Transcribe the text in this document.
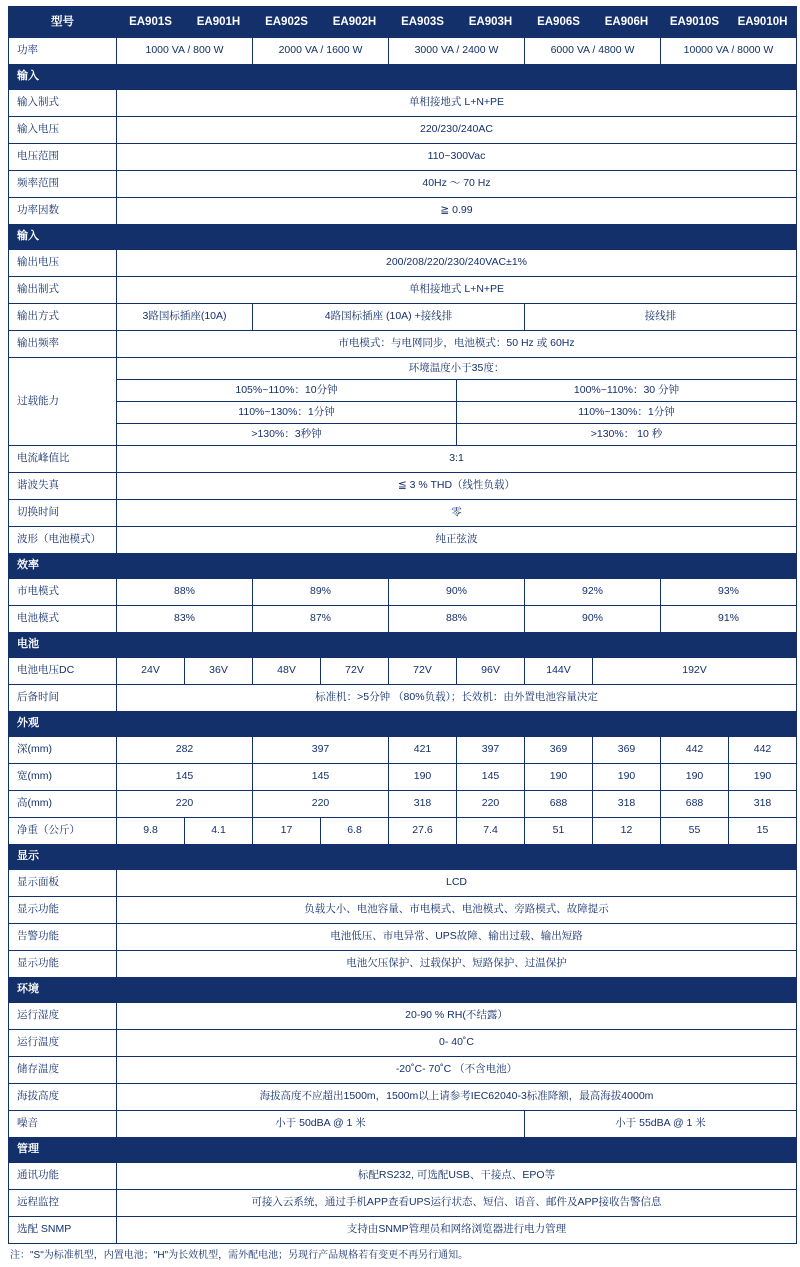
型号	EA901S	EA901H	EA902S	EA902H	EA903S	EA903H	EA906S	EA906H	EA9010S	EA9010H
功率	1000 VA / 800 W		2000 VA / 1600 W		3000 VA / 2400 W		6000 VA / 4800 W		10000 VA / 8000 W	
输入										
输入制式	单相接地式 L+N+PE									
输入电压	220/230/240AC									
电压范围	110~300Vac									
频率范围	40Hz ～ 70 Hz									
功率因数	≧ 0.99									
输入										
输出电压	200/208/220/230/240VAC±1%									
输出制式	单相接地式 L+N+PE									
输出方式	3路国标插座(10A)		4路国标插座 (10A) +接线排				接线排			
输出频率	市电模式：与电网同步，电池模式：50 Hz 或 60Hz									
过载能力	环境温度小于35度：									
	105%~110%：10分钟					100%~110%：30 分钟				
	110%~130%：1分钟					110%~130%：1分钟				
	>130%：3秒钟					>130%： 10 秒				
电流峰值比	3:1									
谐波失真	≦ 3 % THD（线性负载）									
切换时间	零									
波形（电池模式）	纯正弦波									
效率										
市电模式	88%		89%		90%		92%		93%	
电池模式	83%		87%		88%		90%		91%	
电池										
电池电压DC	24V	36V	48V	72V	72V	96V	144V	192V		
后备时间	标准机：>5分钟 （80%负载）；长效机：由外置电池容量决定									
外观										
深(mm)	282		397		421	397	369	369	442	442
宽(mm)	145		145		190	145	190	190	190	190
高(mm)	220		220		318	220	688	318	688	318
净重（公斤）	9.8	4.1	17	6.8	27.6	7.4	51	12	55	15
显示										
显示面板	LCD									
显示功能	负载大小、电池容量、市电模式、电池模式、旁路模式、故障提示									
告警功能	电池低压、市电异常、UPS故障、输出过载、输出短路									
显示功能	电池欠压保护、过载保护、短路保护、过温保护									
环境										
运行湿度	20-90 % RH(不结露）									
运行温度	0- 40˚C									
储存温度	-20˚C- 70˚C （不含电池）									
海拔高度	海拔高度不应超出1500m，1500m以上请参考IEC62040-3标准降额，最高海拔4000m									
噪音	小于 50dBA @ 1 米						小于 55dBA @ 1 米			
管理										
通讯功能	标配RS232, 可选配USB、干接点、EPO等									
远程监控	可接入云系统，通过手机APP查看UPS运行状态、短信、语音、邮件及APP接收告警信息									
选配 SNMP	支持由SNMP管理员和网络浏览器进行电力管理									
注："S"为标准机型，内置电池；"H"为长效机型，需外配电池；另现行产品规格若有变更不再另行通知。
